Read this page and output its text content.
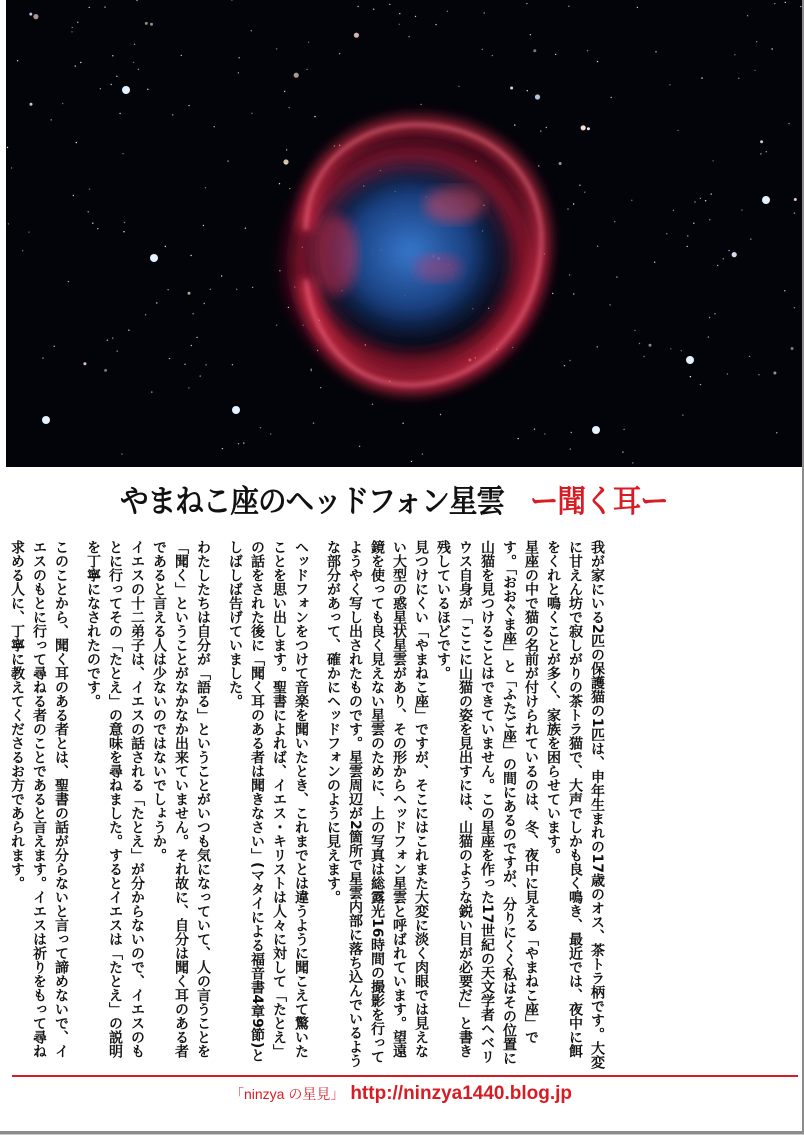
やまねこ座のヘッドフォン星雲 ー聞く耳ー

我が家にいる2匹の保護猫の1匹は、申年生まれの17歳のオス、茶トラ柄です。大変に甘えん坊で寂しがりの茶トラ猫で、大声でしかも良く鳴き、最近では、夜中に餌をくれと鳴くことが多く、家族を困らせています。

星座の中で猫の名前が付けられているのは、冬、夜中に見える「やまねこ座」です。「おおぐま座」と「ふたご座」の間にあるのですが、分りにくく私はその位置に山猫を見つけることはできていません。この星座を作った17世紀の天文学者ヘベリウス自身が「ここに山猫の姿を見出すには、山猫のような鋭い目が必要だ」と書き残しているほどです。

見つけにくい「やまねこ座」ですが、そこにはこれまた大変に淡く肉眼では見えない大型の惑星状星雲があり、その形からヘッドフォン星雲と呼ばれています。望遠鏡を使っても良く見えない星雲のために、上の写真は総露光16時間の撮影を行ってようやく写し出されたものです。星雲周辺が2箇所で星雲内部に落ち込んでいるような部分があって、確かにヘッドフォンのように見えます。

ヘッドフォンをつけて音楽を聞いたとき、これまでとは違うように聞こえて驚いたことを思い出します。聖書によれば、イエス・キリストは人々に対して「たとえ」の話をされた後に「聞く耳のある者は聞きなさい」(マタイによる福音書4章9節)としばしば告げていました。

わたしたちは自分が「語る」ということがいつも気になっていて、人の言うことを「聞く」ということがなかなか出来ていません。それ故に、自分は聞く耳のある者であると言える人は少ないのではないでしょうか。

イエスの十二弟子は、イエスの話される「たとえ」が分からないので、イエスのもとに行ってその「たとえ」の意味を尋ねました。するとイエスは「たとえ」の説明を丁寧になされたのです。

このことから、聞く耳のある者とは、聖書の話が分らないと言って諦めないで、イエスのもとに行って尋ねる者のことであると言えます。イエスは祈りをもって尋ね求める人に、丁寧に教えてくださるお方であられます。

「ninzya の星見」 http://ninzya1440.blog.jp
